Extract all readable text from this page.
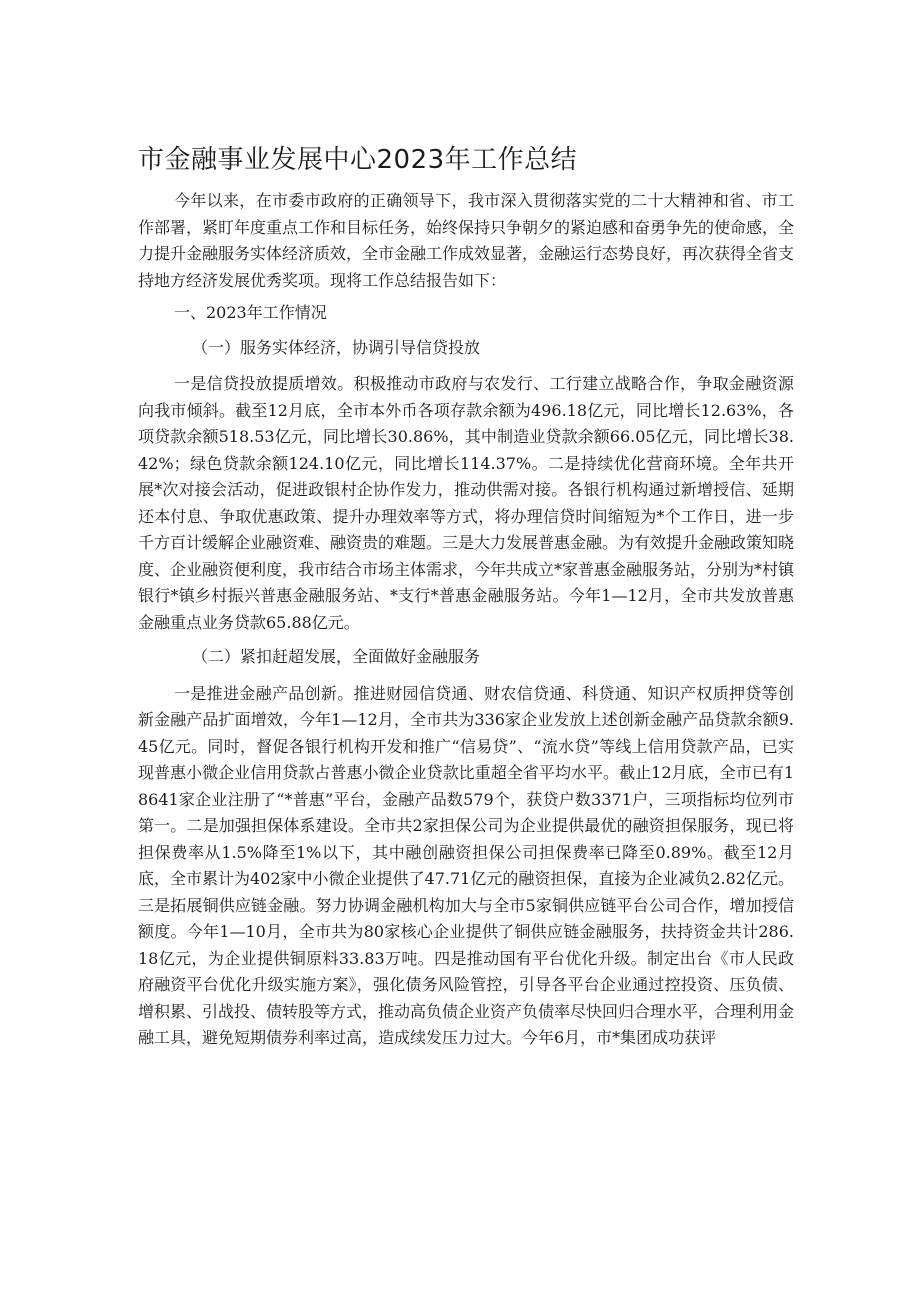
市金融事业发展中心2023年工作总结

今年以来，在市委市政府的正确领导下，我市深入贯彻落实党的二十大精神和省、市工作部署，紧盯年度重点工作和目标任务，始终保持只争朝夕的紧迫感和奋勇争先的使命感，全力提升金融服务实体经济质效，全市金融工作成效显著，金融运行态势良好，再次获得全省支持地方经济发展优秀奖项。现将工作总结报告如下：

一、2023年工作情况

（一）服务实体经济，协调引导信贷投放

一是信贷投放提质增效。积极推动市政府与农发行、工行建立战略合作，争取金融资源向我市倾斜。截至12月底，全市本外币各项存款余额为496.18亿元，同比增长12.63%，各项贷款余额518.53亿元，同比增长30.86%，其中制造业贷款余额66.05亿元，同比增长38.42%；绿色贷款余额124.10亿元，同比增长114.37%。二是持续优化营商环境。全年共开展*次对接会活动，促进政银村企协作发力，推动供需对接。各银行机构通过新增授信、延期还本付息、争取优惠政策、提升办理效率等方式，将办理信贷时间缩短为*个工作日，进一步千方百计缓解企业融资难、融资贵的难题。三是大力发展普惠金融。为有效提升金融政策知晓度、企业融资便利度，我市结合市场主体需求，今年共成立*家普惠金融服务站，分别为*村镇银行*镇乡村振兴普惠金融服务站、*支行*普惠金融服务站。今年1—12月，全市共发放普惠金融重点业务贷款65.88亿元。

（二）紧扣赶超发展，全面做好金融服务

一是推进金融产品创新。推进财园信贷通、财农信贷通、科贷通、知识产权质押贷等创新金融产品扩面增效，今年1—12月，全市共为336家企业发放上述创新金融产品贷款余额9.45亿元。同时，督促各银行机构开发和推广“信易贷”、“流水贷”等线上信用贷款产品，已实现普惠小微企业信用贷款占普惠小微企业贷款比重超全省平均水平。截止12月底，全市已有18641家企业注册了“*普惠”平台，金融产品数579个，获贷户数3371户，三项指标均位列市第一。二是加强担保体系建设。全市共2家担保公司为企业提供最优的融资担保服务，现已将担保费率从1.5%降至1%以下，其中融创融资担保公司担保费率已降至0.89%。截至12月底，全市累计为402家中小微企业提供了47.71亿元的融资担保，直接为企业减负2.82亿元。三是拓展铜供应链金融。努力协调金融机构加大与全市5家铜供应链平台公司合作，增加授信额度。今年1—10月，全市共为80家核心企业提供了铜供应链金融服务，扶持资金共计286.18亿元，为企业提供铜原料33.83万吨。四是推动国有平台优化升级。制定出台《市人民政府融资平台优化升级实施方案》，强化债务风险管控，引导各平台企业通过控投资、压负债、增积累、引战投、债转股等方式，推动高负债企业资产负债率尽快回归合理水平，合理利用金融工具，避免短期债券利率过高，造成续发压力过大。今年6月，市*集团成功获评
